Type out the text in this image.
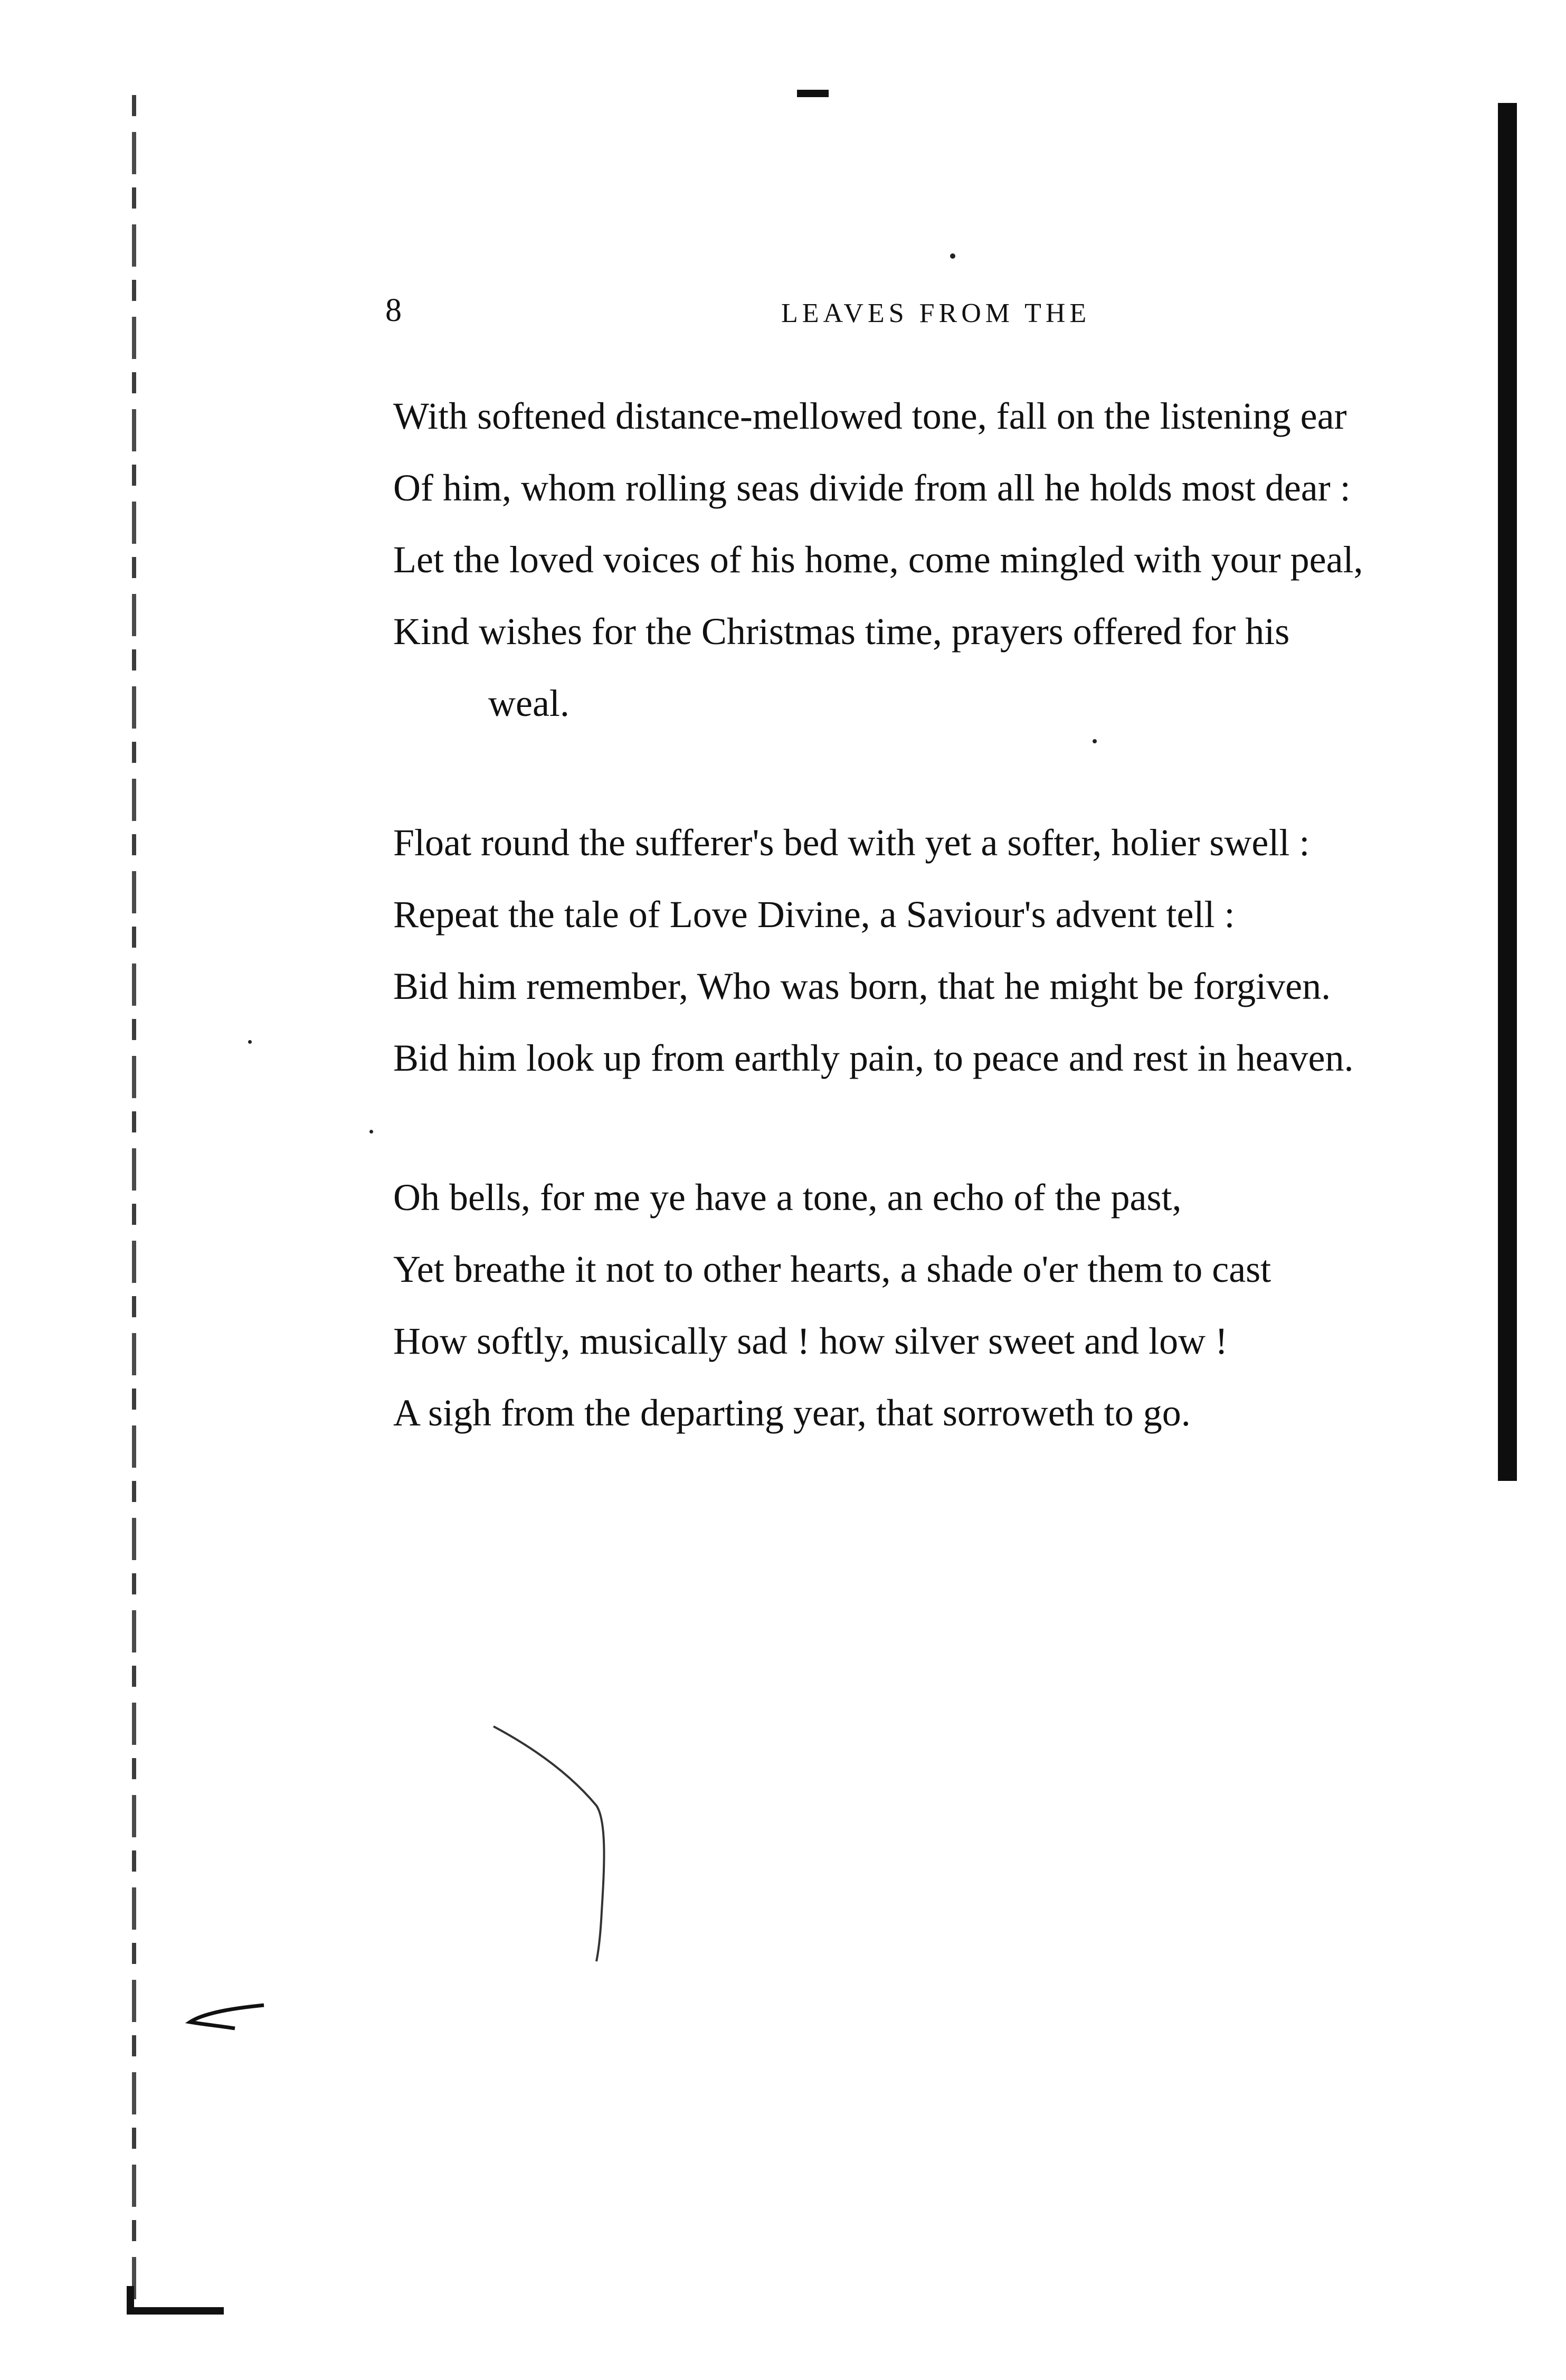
8	LEAVES FROM THE
With softened distance-mellowed tone, fall on the listening ear
Of him, whom rolling seas divide from all he holds most dear :
Let the loved voices of his home, come mingled with your peal,
Kind wishes for the Christmas time, prayers offered for his
weal.
Float round the sufferer's bed with yet a softer, holier swell :
Repeat the tale of Love Divine, a Saviour's advent tell :
Bid him remember, Who was born, that he might be forgiven.
Bid him look up from earthly pain, to peace and rest in heaven.
Oh bells, for me ye have a tone, an echo of the past,
Yet breathe it not to other hearts, a shade o'er them to cast
How softly, musically sad ! how silver sweet and low !
A sigh from the departing year, that sorroweth to go.
